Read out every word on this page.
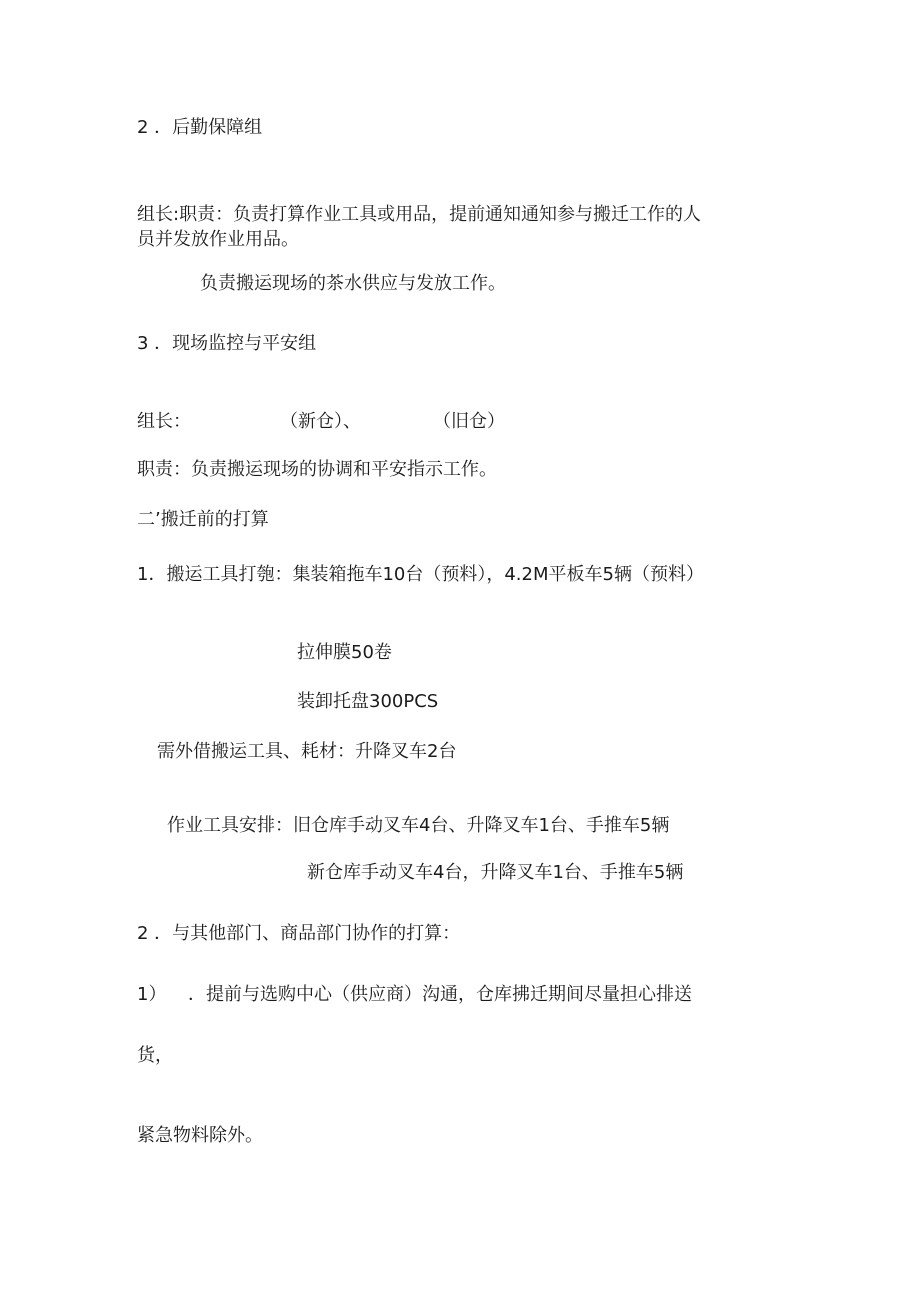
2 ．后勤保障组

组长:职责：负责打算作业工具或用品，提前通知通知参与搬迁工作的人

员并发放作业用品。

负责搬运现场的茶水供应与发放工作。

3 ．现场监控与平安组

组长：	（新仓）、	（旧仓）

职责：负责搬运现场的协调和平安指示工作。

二’搬迁前的打算

1．搬运工具打匏：集装箱拖车10台（预料），4.2M平板车5辆（预料）

拉伸膜50卷

装卸托盘300PCS

需外借搬运工具、耗材：升降叉车2台

作业工具安排：旧仓库手动叉车4台、升降叉车1台、手推车5辆

新仓库手动叉车4台，升降叉车1台、手推车5辆

2 ．与其他部门、商品部门协作的打算：

1） ．提前与选购中心（供应商）沟通，仓库拂迁期间尽量担心排送

货，

紧急物料除外。
